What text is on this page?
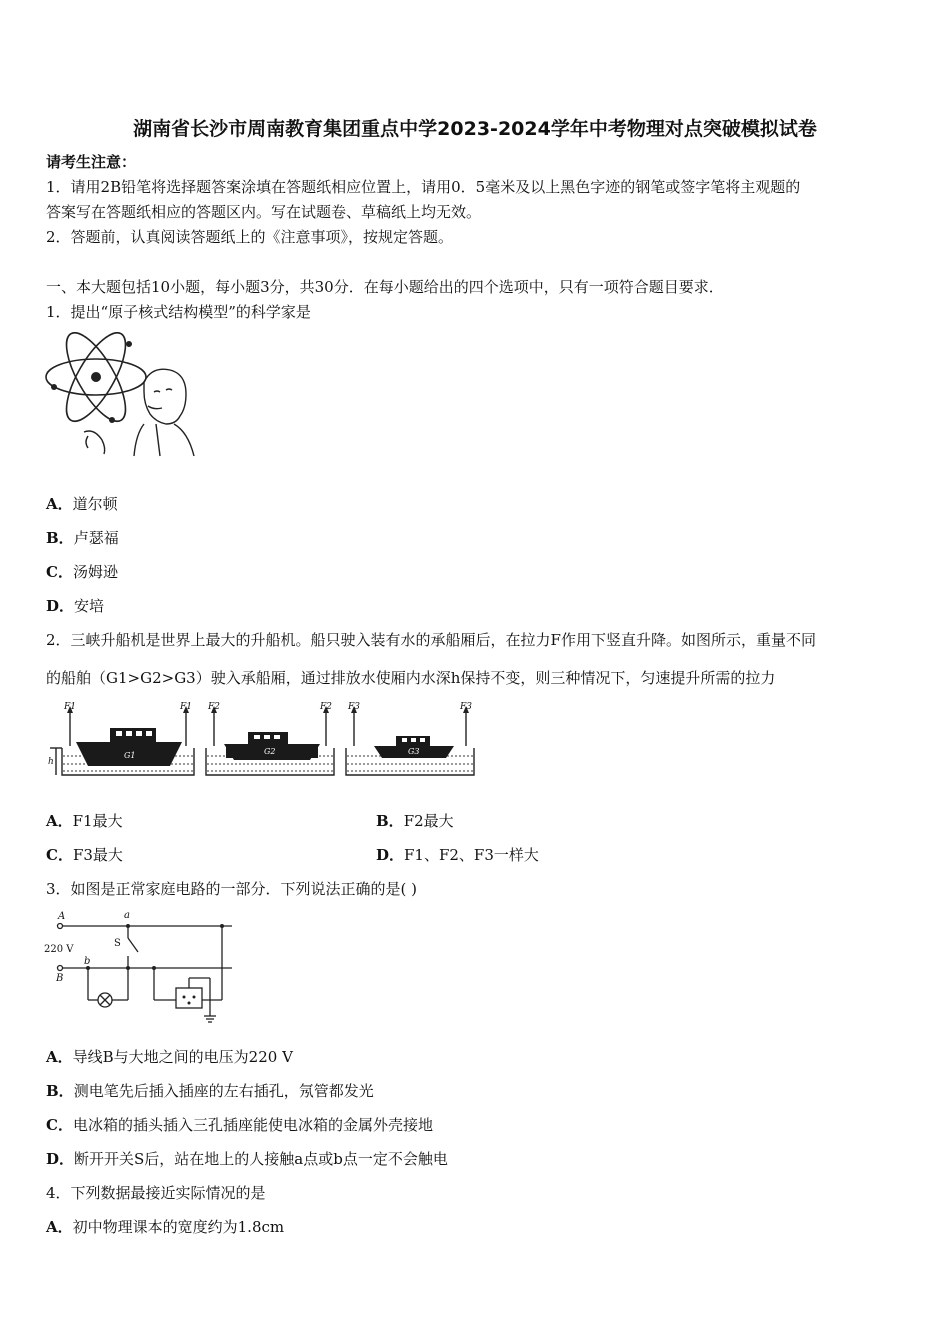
湖南省长沙市周南教育集团重点中学2023-2024学年中考物理对点突破模拟试卷
请考生注意：
1．请用2B铅笔将选择题答案涂填在答题纸相应位置上，请用0．5毫米及以上黑色字迹的钢笔或签字笔将主观题的
答案写在答题纸相应的答题区内。写在试题卷、草稿纸上均无效。
2．答题前，认真阅读答题纸上的《注意事项》，按规定答题。
一、本大题包括10小题，每小题3分，共30分．在每小题给出的四个选项中，只有一项符合题目要求．
1．提出“原子核式结构模型”的科学家是
A．道尔顿
B．卢瑟福
C．汤姆逊
D．安培
2．三峡升船机是世界上最大的升船机。船只驶入装有水的承船厢后，在拉力F作用下竖直升降。如图所示，重量不同
的船舶（G1>G2>G3）驶入承船厢，通过排放水使厢内水深h保持不变，则三种情况下，匀速提升所需的拉力
F1	F1 F2	F2 F3	F3
h
G1	G2	G3
A．F1最大	B．F2最大
C．F3最大	D．F1、F2、F3一样大
3．如图是正常家庭电路的一部分．下列说法正确的是( )
A
220 V
B
S
a
b
A．导线B与大地之间的电压为220 V
B．测电笔先后插入插座的左右插孔，氖管都发光
C．电冰箱的插头插入三孔插座能使电冰箱的金属外壳接地
D．断开开关S后，站在地上的人接触a点或b点一定不会触电
4．下列数据最接近实际情况的是
A．初中物理课本的宽度约为1.8cm
